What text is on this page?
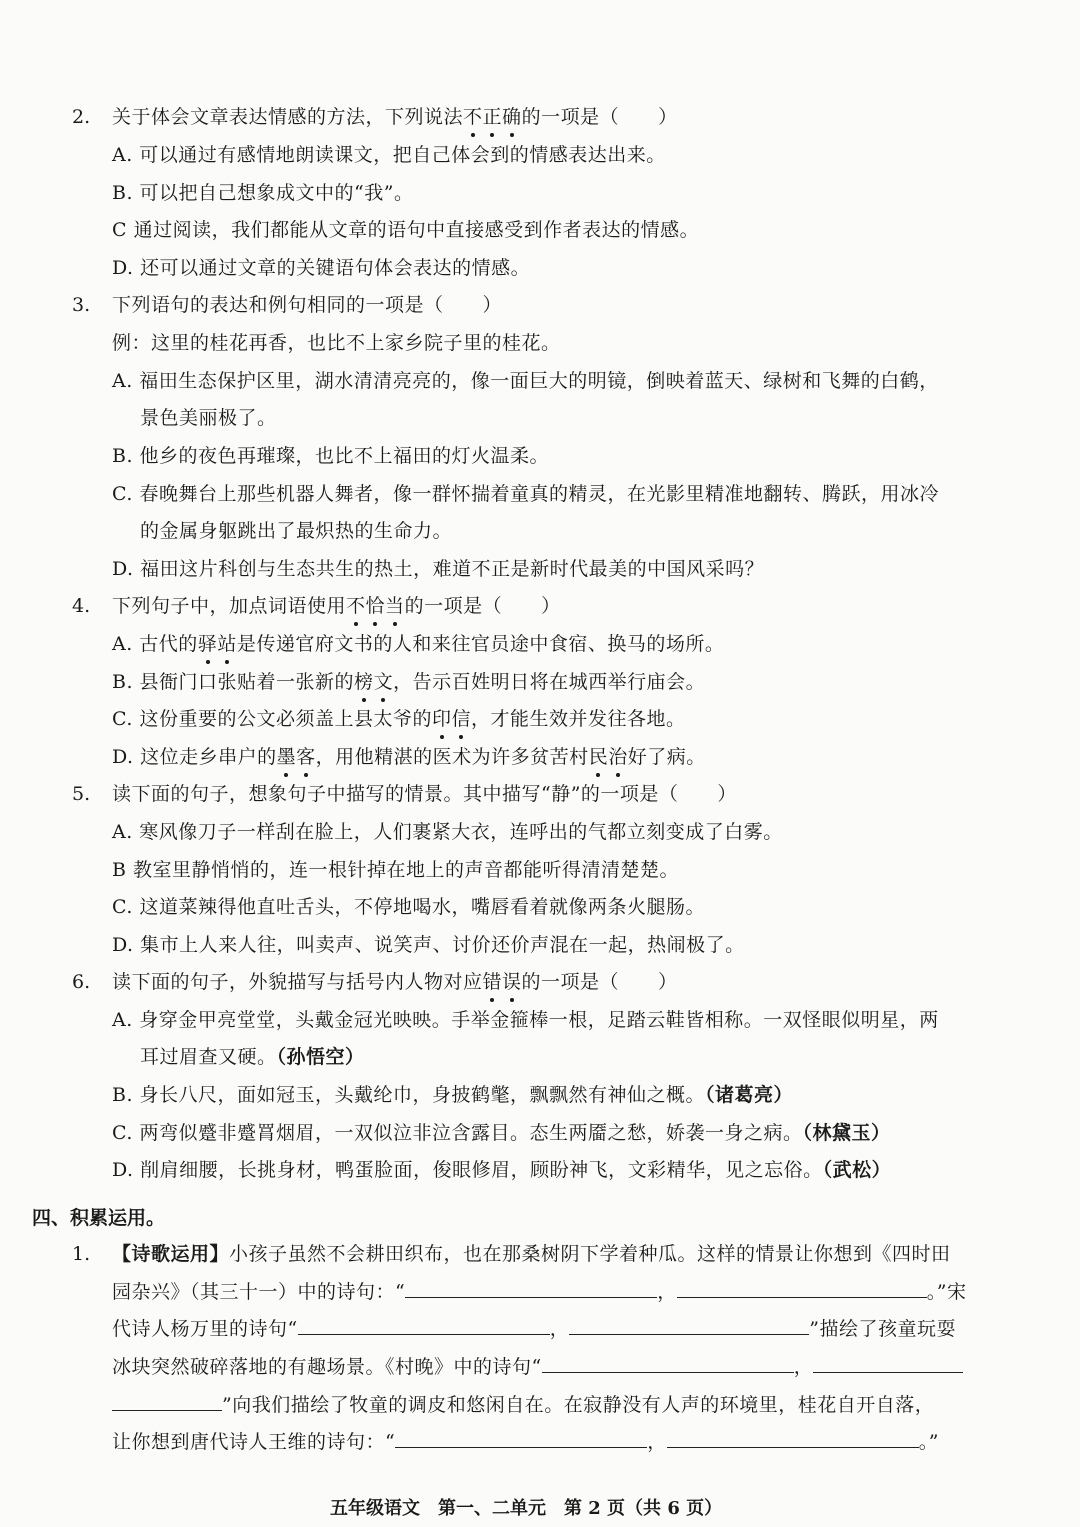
2. 关于体会文章表达情感的方法，下列说法不正确的一项是（　　）
A. 可以通过有感情地朗读课文，把自己体会到的情感表达出来。
B. 可以把自己想象成文中的“我”。
C 通过阅读，我们都能从文章的语句中直接感受到作者表达的情感。
D. 还可以通过文章的关键语句体会表达的情感。
3. 下列语句的表达和例句相同的一项是（　　）
例：这里的桂花再香，也比不上家乡院子里的桂花。
A. 福田生态保护区里，湖水清清亮亮的，像一面巨大的明镜，倒映着蓝天、绿树和飞舞的白鹤，
景色美丽极了。
B. 他乡的夜色再璀璨，也比不上福田的灯火温柔。
C. 春晚舞台上那些机器人舞者，像一群怀揣着童真的精灵，在光影里精准地翻转、腾跃，用冰冷
的金属身躯跳出了最炽热的生命力。
D. 福田这片科创与生态共生的热土，难道不正是新时代最美的中国风采吗？
4. 下列句子中，加点词语使用不恰当的一项是（　　）
A. 古代的驿站是传递官府文书的人和来往官员途中食宿、换马的场所。
B. 县衙门口张贴着一张新的榜文，告示百姓明日将在城西举行庙会。
C. 这份重要的公文必须盖上县太爷的印信，才能生效并发往各地。
D. 这位走乡串户的墨客，用他精湛的医术为许多贫苦村民治好了病。
5. 读下面的句子，想象句子中描写的情景。其中描写“静”的一项是（　　）
A. 寒风像刀子一样刮在脸上，人们裹紧大衣，连呼出的气都立刻变成了白雾。
B 教室里静悄悄的，连一根针掉在地上的声音都能听得清清楚楚。
C. 这道菜辣得他直吐舌头，不停地喝水，嘴唇看着就像两条火腿肠。
D. 集市上人来人往，叫卖声、说笑声、讨价还价声混在一起，热闹极了。
6. 读下面的句子，外貌描写与括号内人物对应错误的一项是（　　）
A. 身穿金甲亮堂堂，头戴金冠光映映。手举金箍棒一根，足踏云鞋皆相称。一双怪眼似明星，两
耳过眉查又硬。（孙悟空）
B. 身长八尺，面如冠玉，头戴纶巾，身披鹤氅，飘飘然有神仙之概。（诸葛亮）
C. 两弯似蹙非蹙罥烟眉，一双似泣非泣含露目。态生两靥之愁，娇袭一身之病。（林黛玉）
D. 削肩细腰，长挑身材，鸭蛋脸面，俊眼修眉，顾盼神飞，文彩精华，见之忘俗。（武松）
四、积累运用。
1. 【诗歌运用】小孩子虽然不会耕田织布，也在那桑树阴下学着种瓜。这样的情景让你想到《四时田
园杂兴》（其三十一）中的诗句：“	，	。”宋
代诗人杨万里的诗句“	，	”描绘了孩童玩耍
冰块突然破碎落地的有趣场景。《村晚》中的诗句“	，
”向我们描绘了牧童的调皮和悠闲自在。在寂静没有人声的环境里，桂花自开自落，
让你想到唐代诗人王维的诗句：“	，	。”
五年级语文　第一、二单元　第 2 页（共 6 页）
